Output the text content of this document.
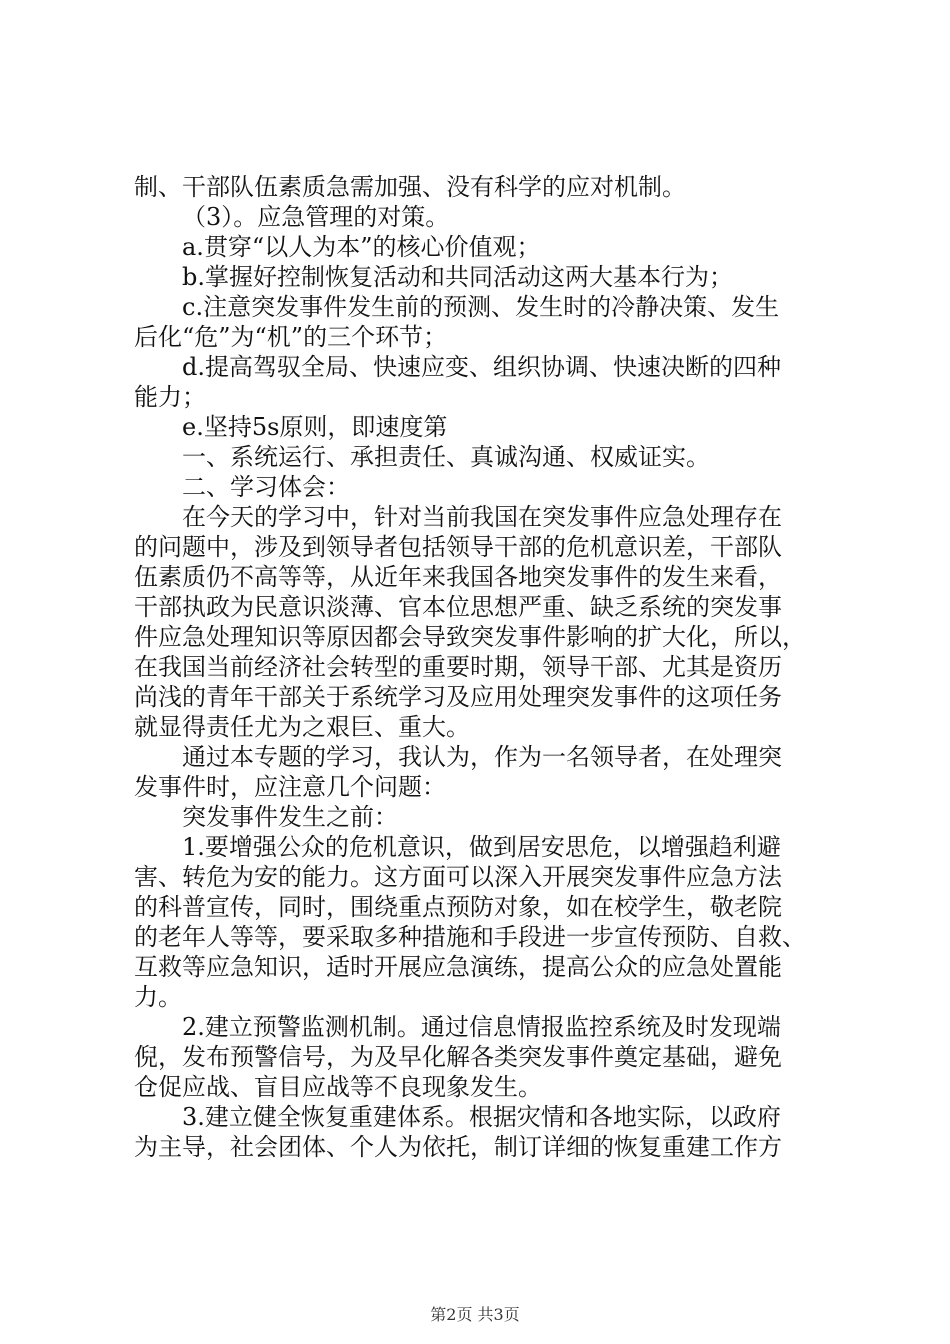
制、干部队伍素质急需加强、没有科学的应对机制。
（3）。应急管理的对策。
a.贯穿“以人为本”的核心价值观；
b.掌握好控制恢复活动和共同活动这两大基本行为；
c.注意突发事件发生前的预测、发生时的冷静决策、发生
后化“危”为“机”的三个环节；
d.提高驾驭全局、快速应变、组织协调、快速决断的四种
能力；
e.坚持5s原则，即速度第
一、系统运行、承担责任、真诚沟通、权威证实。
二、学习体会：
在今天的学习中，针对当前我国在突发事件应急处理存在
的问题中，涉及到领导者包括领导干部的危机意识差，干部队
伍素质仍不高等等，从近年来我国各地突发事件的发生来看，
干部执政为民意识淡薄、官本位思想严重、缺乏系统的突发事
件应急处理知识等原因都会导致突发事件影响的扩大化，所以，
在我国当前经济社会转型的重要时期，领导干部、尤其是资历
尚浅的青年干部关于系统学习及应用处理突发事件的这项任务
就显得责任尤为之艰巨、重大。
通过本专题的学习，我认为，作为一名领导者，在处理突
发事件时，应注意几个问题：
突发事件发生之前：
1.要增强公众的危机意识，做到居安思危，以增强趋利避
害、转危为安的能力。这方面可以深入开展突发事件应急方法
的科普宣传，同时，围绕重点预防对象，如在校学生，敬老院
的老年人等等，要采取多种措施和手段进一步宣传预防、自救、
互救等应急知识，适时开展应急演练，提高公众的应急处置能
力。
2.建立预警监测机制。通过信息情报监控系统及时发现端
倪，发布预警信号，为及早化解各类突发事件奠定基础，避免
仓促应战、盲目应战等不良现象发生。
3.建立健全恢复重建体系。根据灾情和各地实际，以政府
为主导，社会团体、个人为依托，制订详细的恢复重建工作方
第2页 共3页
